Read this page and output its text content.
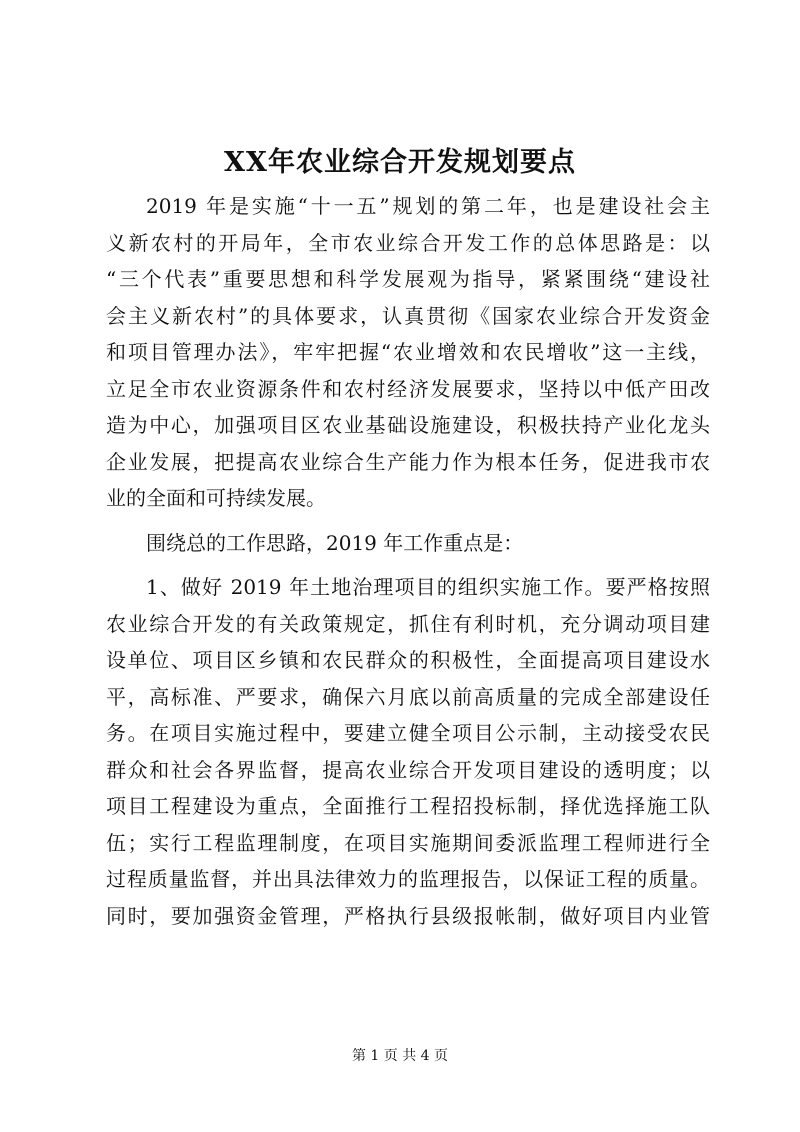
XX年农业综合开发规划要点
2019 年是实施“十一五”规划的第二年，也是建设社会主
义新农村的开局年，全市农业综合开发工作的总体思路是：以
“三个代表”重要思想和科学发展观为指导，紧紧围绕“建设社
会主义新农村”的具体要求，认真贯彻《国家农业综合开发资金
和项目管理办法》，牢牢把握“农业增效和农民增收”这一主线，
立足全市农业资源条件和农村经济发展要求，坚持以中低产田改
造为中心，加强项目区农业基础设施建设，积极扶持产业化龙头
企业发展，把提高农业综合生产能力作为根本任务，促进我市农
业的全面和可持续发展。
围绕总的工作思路，2019 年工作重点是：
1、做好 2019 年土地治理项目的组织实施工作。要严格按照
农业综合开发的有关政策规定，抓住有利时机，充分调动项目建
设单位、项目区乡镇和农民群众的积极性，全面提高项目建设水
平，高标准、严要求，确保六月底以前高质量的完成全部建设任
务。在项目实施过程中，要建立健全项目公示制，主动接受农民
群众和社会各界监督，提高农业综合开发项目建设的透明度；以
项目工程建设为重点，全面推行工程招投标制，择优选择施工队
伍；实行工程监理制度，在项目实施期间委派监理工程师进行全
过程质量监督，并出具法律效力的监理报告，以保证工程的质量。
同时，要加强资金管理，严格执行县级报帐制，做好项目内业管
第 1 页 共 4 页
